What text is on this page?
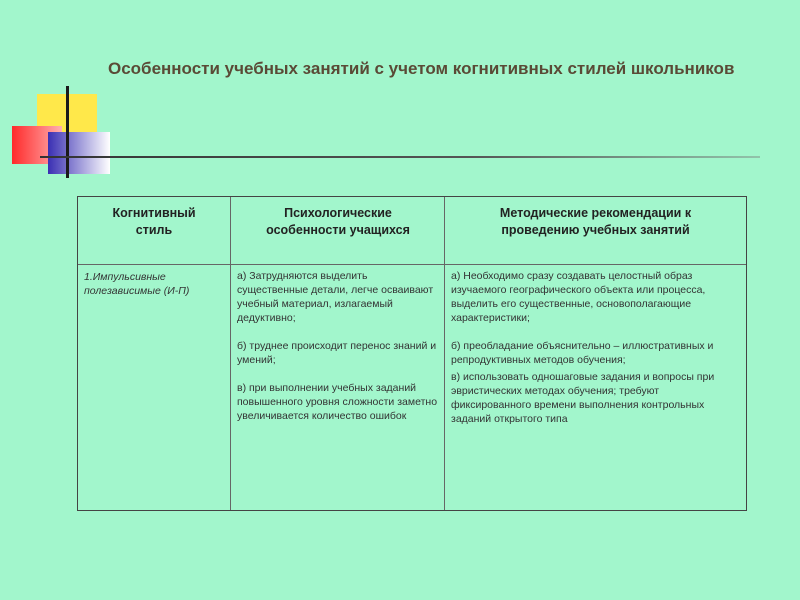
Особенности учебных занятий с учетом когнитивных стилей школьников
Когнитивный стиль
1.Импульсивные полезависимые (И-П)
Психологические особенности учащихся

а) Затрудняются выделить существенные детали, легче осваивают учебный материал, излагаемый дедуктивно;

б) труднее происходит перенос знаний и умений;

в) при выполнении учебных заданий повышенного уровня сложности заметно увеличивается количество ошибок

Методические рекомендации к проведению учебных занятий

а) Необходимо сразу создавать целостный образ изучаемого географического объекта или процесса, выделить его существенные, основополагающие характеристики;

б) преобладание объяснительно – иллюстративных и репродуктивных методов обучения;

в) использовать одношаговые задания и вопросы при эвристических методах обучения; требуют фиксированного времени выполнения контрольных заданий открытого типа
